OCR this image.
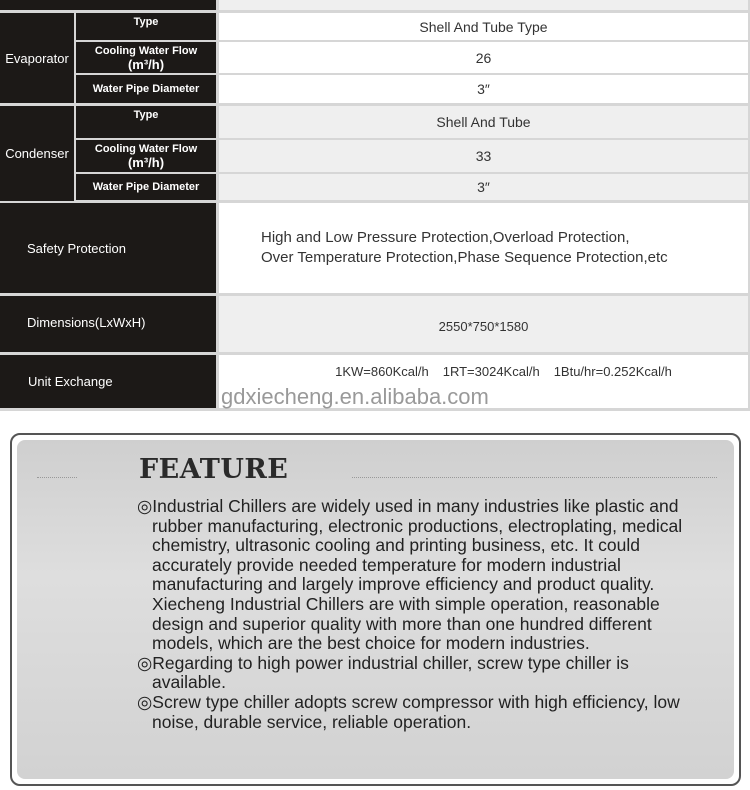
Evaporator
Type	Shell And Tube Type
Cooling Water Flow
(m³/h)	26
Water Pipe Diameter	3″
Condenser
Type	Shell And Tube
Cooling Water Flow
(m³/h)	33
Water Pipe Diameter	3″
Safety Protection
High and Low Pressure Protection,Overload Protection,
Over Temperature Protection,Phase Sequence Protection,etc
Dimensions(LxWxH)	2550*750*1580
Unit Exchange
1KW=860Kcal/h 1RT=3024Kcal/h 1Btu/hr=0.252Kcal/h
gdxiecheng.en.alibaba.com
FEATURE

◎Industrial Chillers are widely used in many industries like plastic and rubber manufacturing, electronic productions, electroplating, medical chemistry, ultrasonic cooling and printing business, etc. It could accurately provide needed temperature for modern industrial manufacturing and largely improve efficiency and product quality. Xiecheng Industrial Chillers are with simple operation, reasonable design and superior quality with more than one hundred different models, which are the best choice for modern industries.

◎Regarding to high power industrial chiller, screw type chiller is available.

◎Screw type chiller adopts screw compressor with high efficiency, low noise, durable service, reliable operation.
